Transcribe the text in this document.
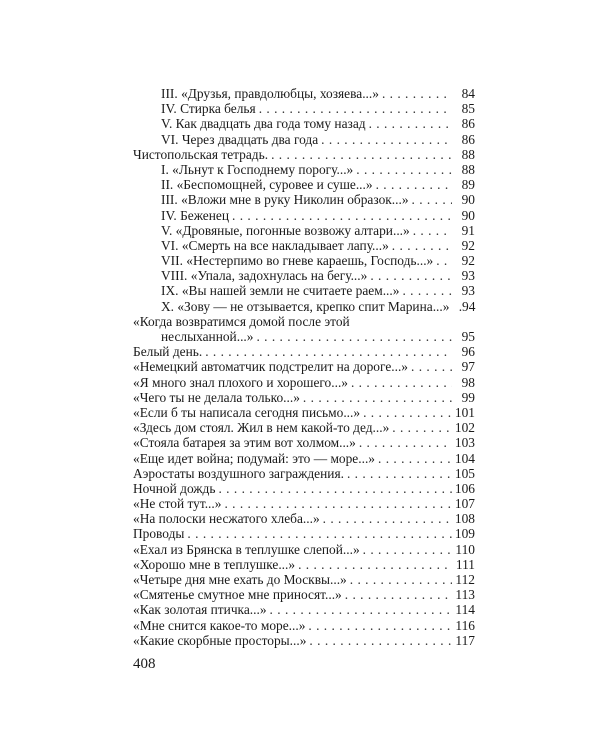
III. «Друзья, правдолюбцы, хозяева...» . . .	84
IV. Стирка белья . . .	85
V. Как двадцать два года тому назад . . .	86
VI. Через двадцать два года . . .	86
Чистопольская тетрадь. . . .	88
I. «Льнут к Господнему порогу...» . . .	88
II. «Беспомощней, суровее и суше...» . . .	89
III. «Вложи мне в руку Николин образок...» . . .	90
IV. Беженец . . .	90
V. «Дровяные, погонные возвожу алтари...» . . .	91
VI. «Смерть на все накладывает лапу...» . . .	92
VII. «Нестерпимо во гневе караешь, Господь...» . . .	92
VIII. «Упала, задохнулась на бегу...» . . .	93
IX. «Вы нашей земли не считаете раем...» . . .	93
X. «Зову — не отзывается, крепко спит Марина...» .94
«Когда возвратимся домой после этой
неслыханной...» . . .	95
Белый день. . . .	96
«Немецкий автоматчик подстрелит на дороге...» . . .	97
«Я много знал плохого и хорошего...» . . .	98
«Чего ты не делала только...» . . .	99
«Если б ты написала сегодня письмо...» . . .	101
«Здесь дом стоял. Жил в нем какой-то дед...» . . .	102
«Стояла батарея за этим вот холмом...» . . .	103
«Еще идет война; подумай: это — море...» . . .	104
Аэростаты воздушного заграждения. . . .	105
Ночной дождь . . .	106
«Не стой тут...» . . .	107
«На полоски несжатого хлеба...» . . .	108
Проводы . . .	109
«Ехал из Брянска в теплушке слепой...» . . .	110
«Хорошо мне в теплушке...» . . .	111
«Четыре дня мне ехать до Москвы...» . . .	112
«Смятенье смутное мне приносят...» . . .	113
«Как золотая птичка...» . . .	114
«Мне снится какое-то море...» . . .	116
«Какие скорбные просторы...» . . .	117
408
